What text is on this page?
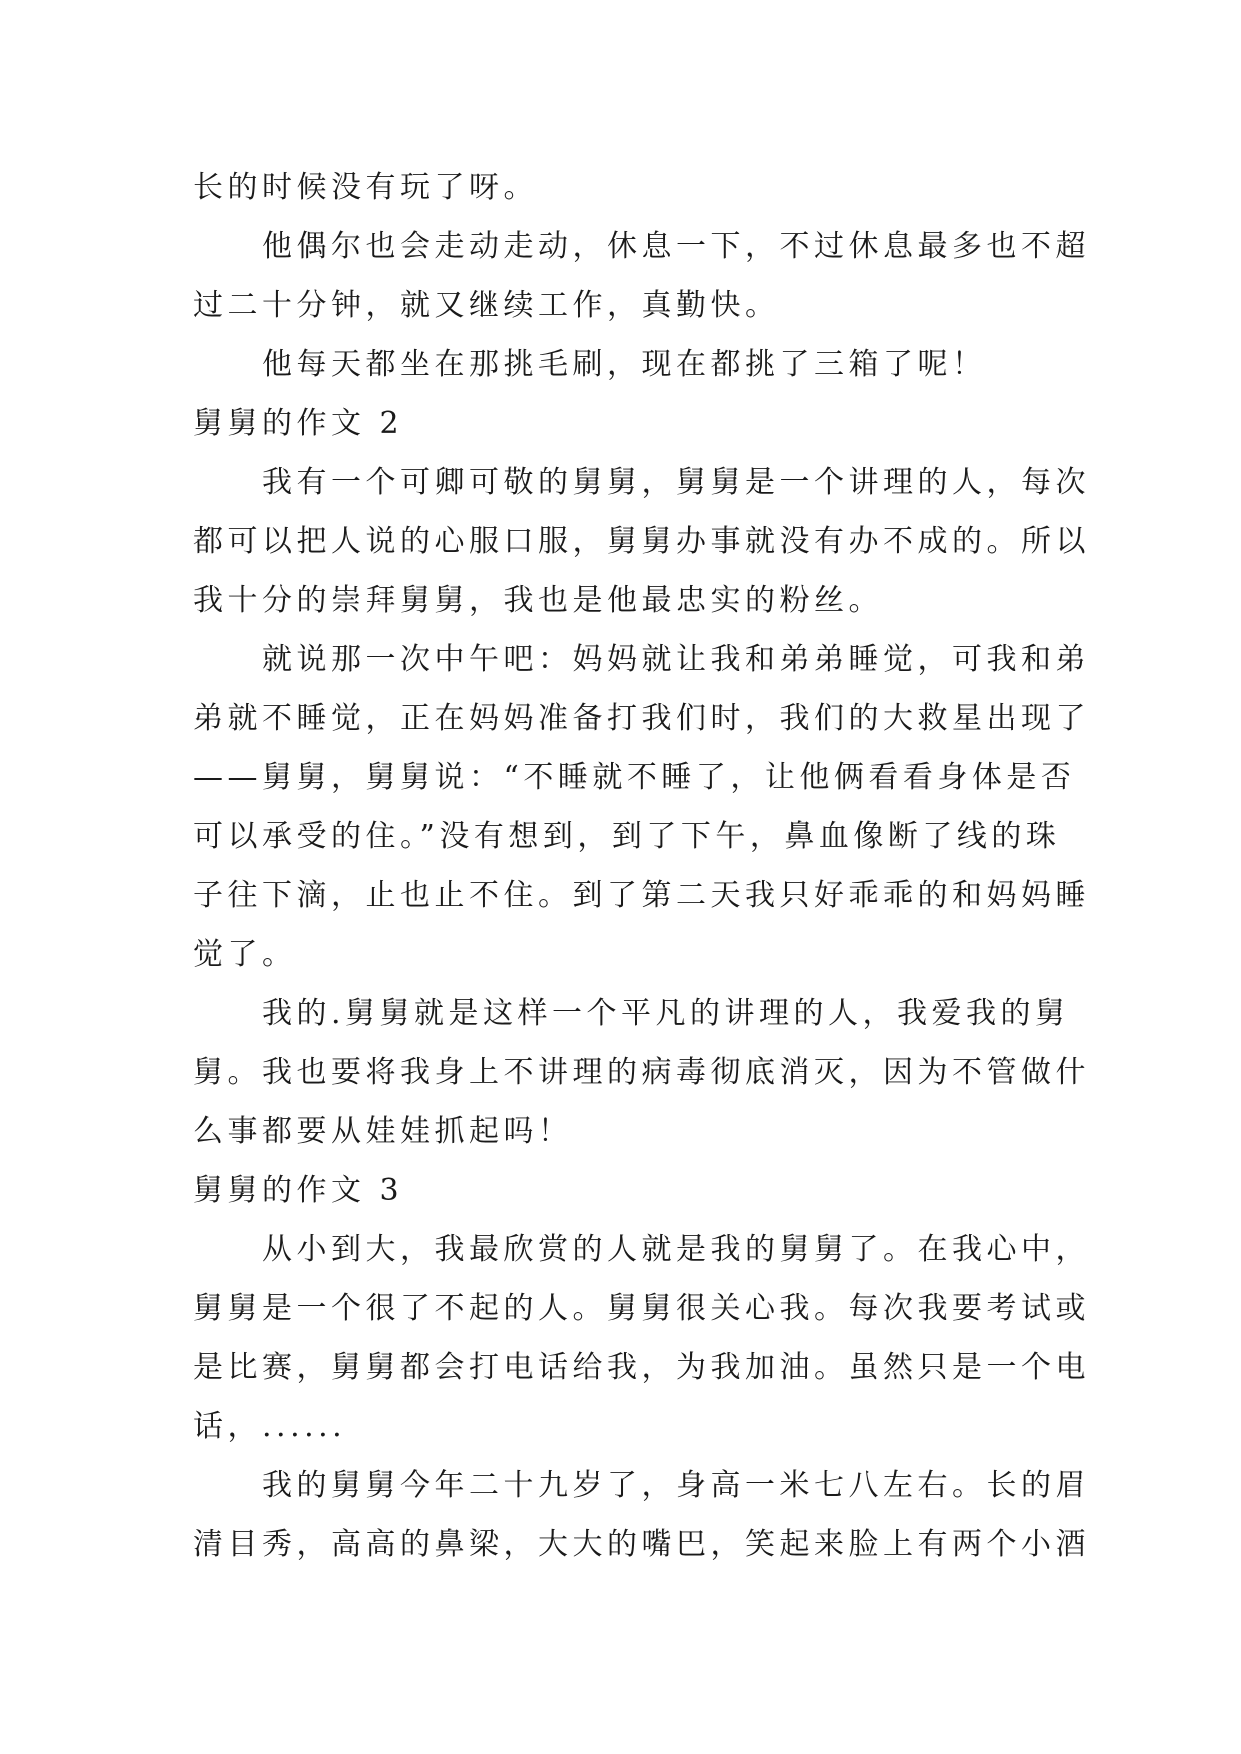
长的时候没有玩了呀。
　　他偶尔也会走动走动，休息一下，不过休息最多也不超
过二十分钟，就又继续工作，真勤快。
　　他每天都坐在那挑毛刷，现在都挑了三箱了呢！
舅舅的作文 2
　　我有一个可卿可敬的舅舅，舅舅是一个讲理的人，每次
都可以把人说的心服口服，舅舅办事就没有办不成的。所以
我十分的崇拜舅舅，我也是他最忠实的粉丝。
　　就说那一次中午吧：妈妈就让我和弟弟睡觉，可我和弟
弟就不睡觉，正在妈妈准备打我们时，我们的大救星出现了
——舅舅，舅舅说：“不睡就不睡了，让他俩看看身体是否
可以承受的住。”没有想到，到了下午，鼻血像断了线的珠
子往下滴，止也止不住。到了第二天我只好乖乖的和妈妈睡
觉了。
　　我的.舅舅就是这样一个平凡的讲理的人，我爱我的舅
舅。我也要将我身上不讲理的病毒彻底消灭，因为不管做什
么事都要从娃娃抓起吗！
舅舅的作文 3
　　从小到大，我最欣赏的人就是我的舅舅了。在我心中，
舅舅是一个很了不起的人。舅舅很关心我。每次我要考试或
是比赛，舅舅都会打电话给我，为我加油。虽然只是一个电
话，......
　　我的舅舅今年二十九岁了，身高一米七八左右。长的眉
清目秀，高高的鼻梁，大大的嘴巴，笑起来脸上有两个小酒
